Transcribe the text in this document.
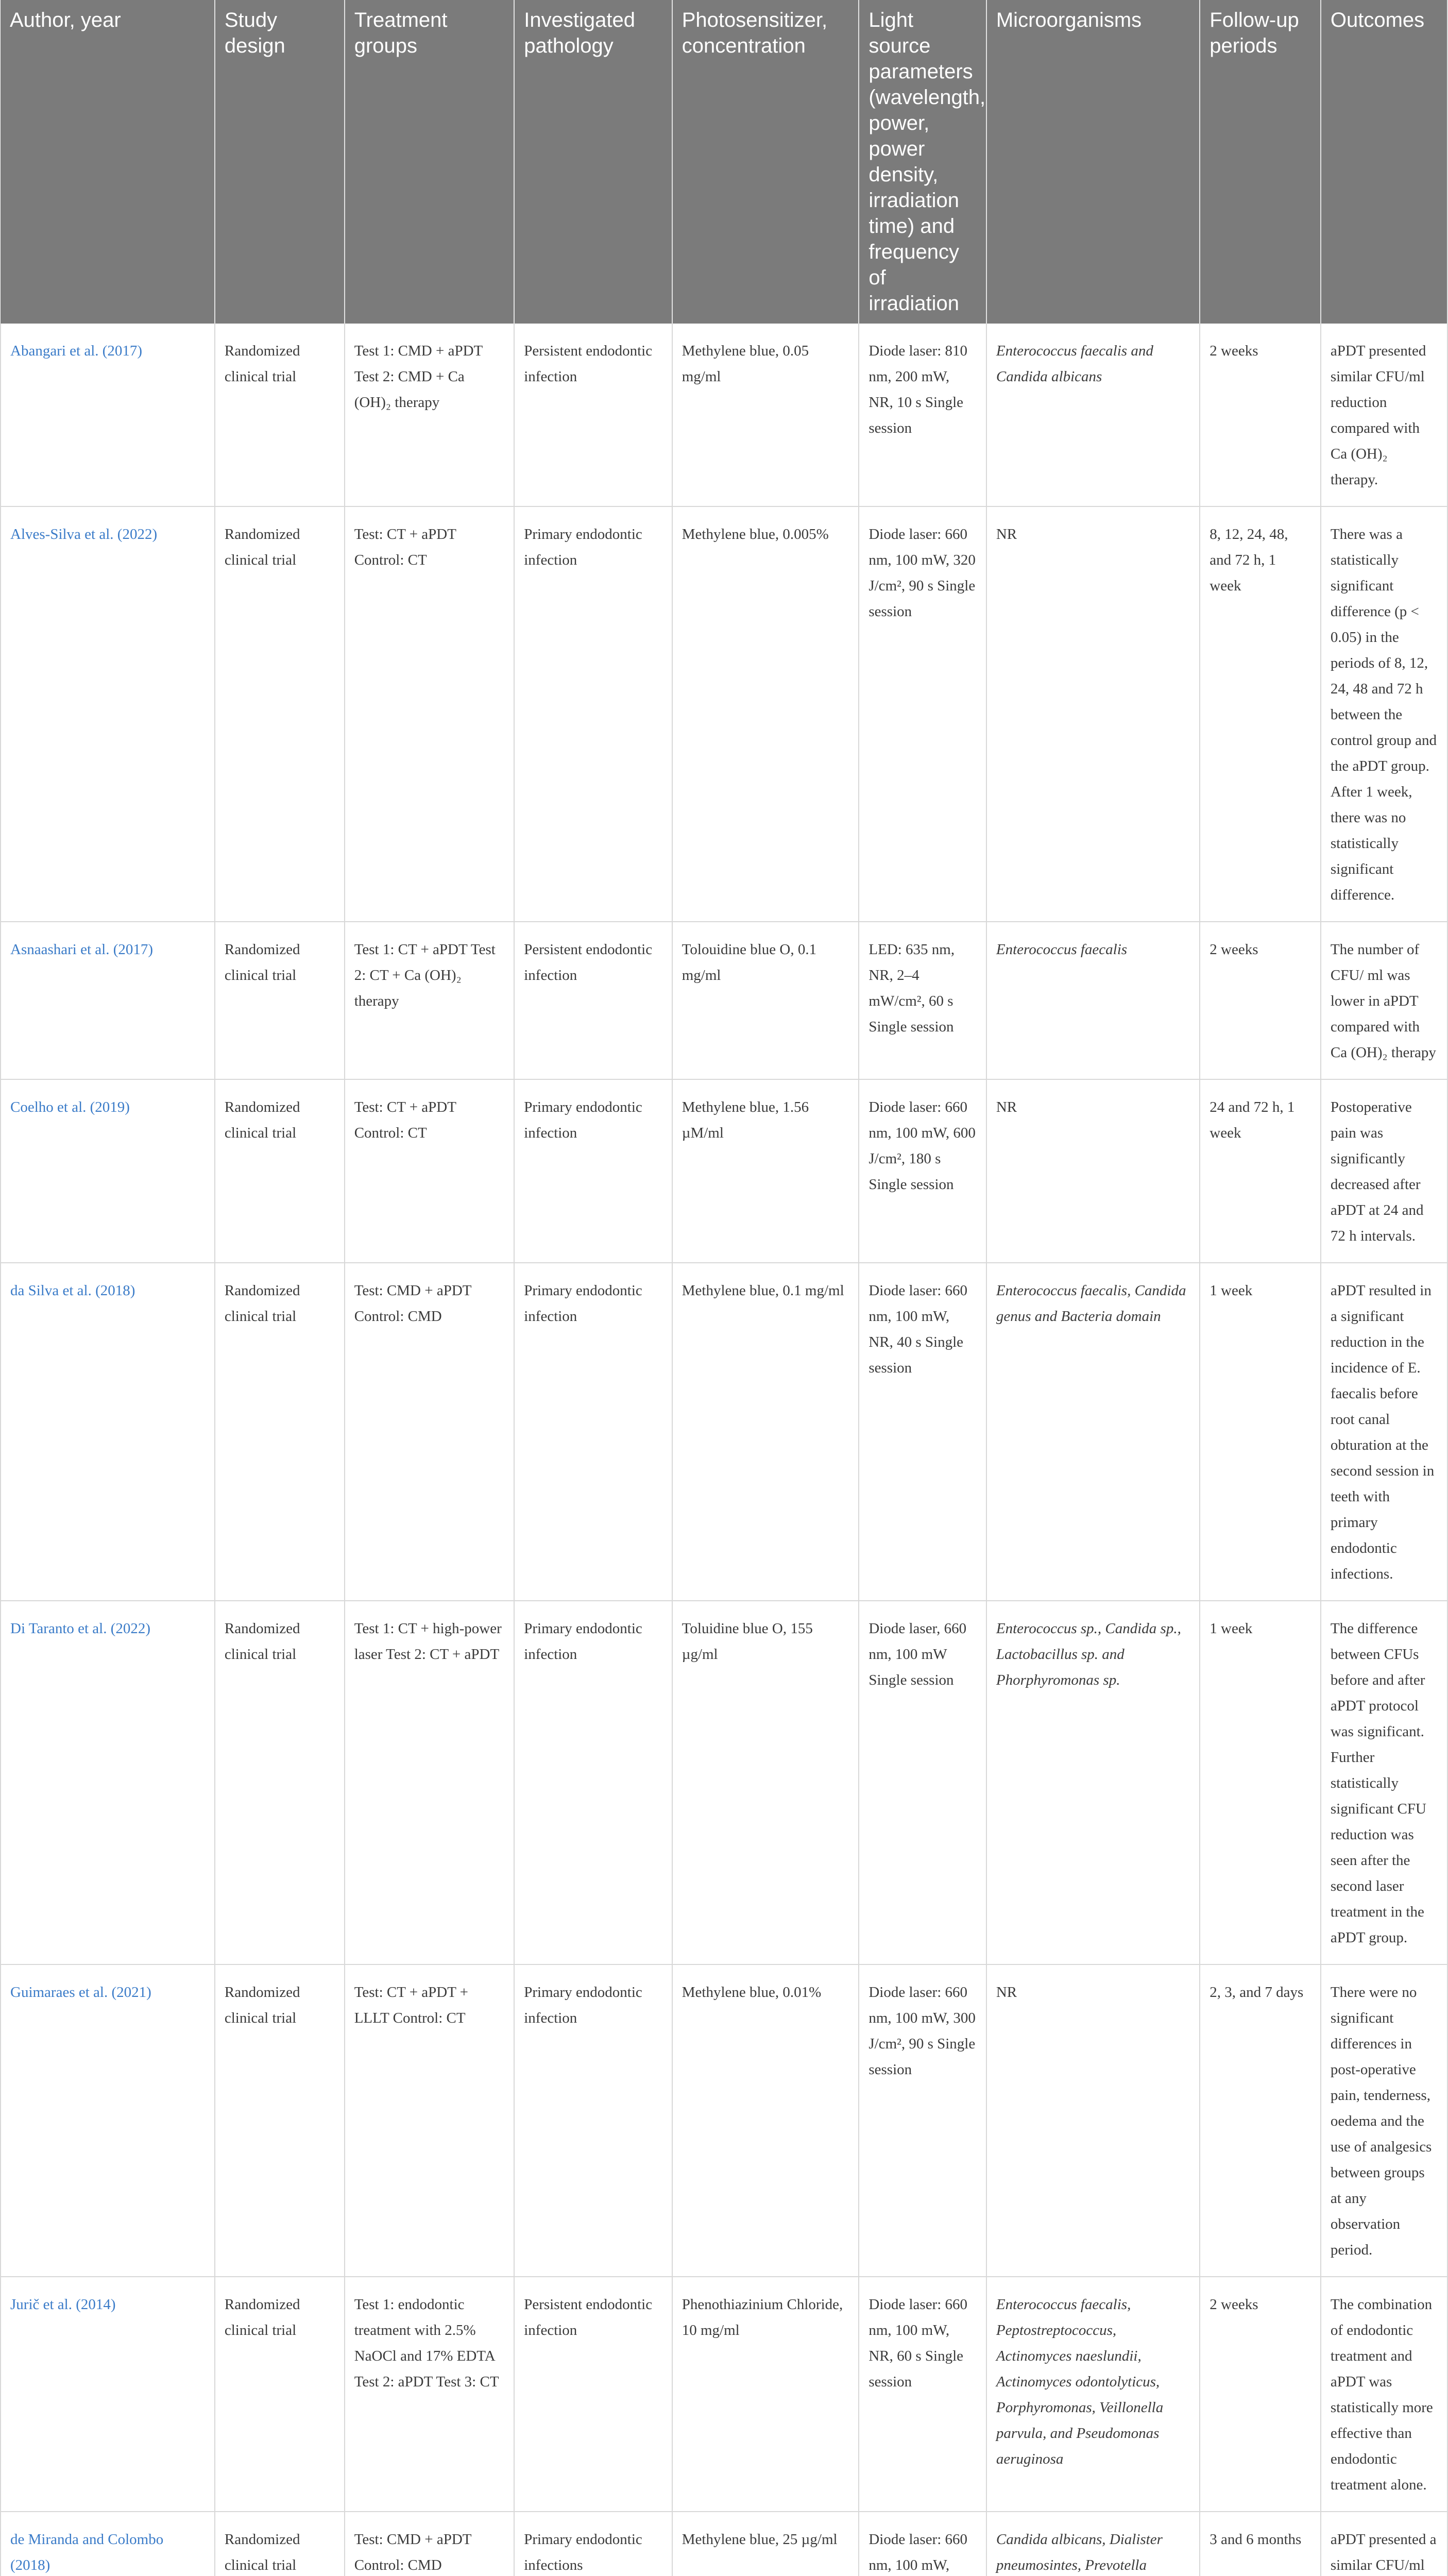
Author, year	Study design	Treatment groups	Investigated pathology	Photosensitizer, concentration	Light source parameters (wavelength, power, power density, irradiation time) and frequency of irradiation	Microorganisms	Follow-up periods	Outcomes
Abangari et al. (2017)	Randomized clinical trial	Test 1: CMD + aPDT Test 2: CMD + Ca (OH)₂ therapy	Persistent endodontic infection	Methylene blue, 0.05 mg/ml	Diode laser: 810 nm, 200 mW, NR, 10 s Single session	Enterococcus faecalis and Candida albicans	2 weeks	aPDT presented similar CFU/ml reduction compared with Ca (OH)₂ therapy.
Alves-Silva et al. (2022)	Randomized clinical trial	Test: CT + aPDT Control: CT	Primary endodontic infection	Methylene blue, 0.005%	Diode laser: 660 nm, 100 mW, 320 J/cm², 90 s Single session	NR	8, 12, 24, 48, and 72 h, 1 week	There was a statistically significant difference (p < 0.05) in the periods of 8, 12, 24, 48 and 72 h between the control group and the aPDT group. After 1 week, there was no statistically significant difference.
Asnaashari et al. (2017)	Randomized clinical trial	Test 1: CT + aPDT Test 2: CT + Ca (OH)₂ therapy	Persistent endodontic infection	Tolouidine blue O, 0.1 mg/ml	LED: 635 nm, NR, 2–4 mW/cm², 60 s Single session	Enterococcus faecalis	2 weeks	The number of CFU/ ml was lower in aPDT compared with Ca (OH)₂ therapy
Coelho et al. (2019)	Randomized clinical trial	Test: CT + aPDT Control: CT	Primary endodontic infection	Methylene blue, 1.56 µM/ml	Diode laser: 660 nm, 100 mW, 600 J/cm², 180 s Single session	NR	24 and 72 h, 1 week	Postoperative pain was significantly decreased after aPDT at 24 and 72 h intervals.
da Silva et al. (2018)	Randomized clinical trial	Test: CMD + aPDT Control: CMD	Primary endodontic infection	Methylene blue, 0.1 mg/ml	Diode laser: 660 nm, 100 mW, NR, 40 s Single session	Enterococcus faecalis, Candida genus and Bacteria domain	1 week	aPDT resulted in a significant reduction in the incidence of E. faecalis before root canal obturation at the second session in teeth with primary endodontic infections.
Di Taranto et al. (2022)	Randomized clinical trial	Test 1: CT + high-power laser Test 2: CT + aPDT	Primary endodontic infection	Toluidine blue O, 155 µg/ml	Diode laser, 660 nm, 100 mW Single session	Enterococcus sp., Candida sp., Lactobacillus sp. and Phorphyromonas sp.	1 week	The difference between CFUs before and after aPDT protocol was significant. Further statistically significant CFU reduction was seen after the second laser treatment in the aPDT group.
Guimaraes et al. (2021)	Randomized clinical trial	Test: CT + aPDT + LLLT Control: CT	Primary endodontic infection	Methylene blue, 0.01%	Diode laser: 660 nm, 100 mW, 300 J/cm², 90 s Single session	NR	2, 3, and 7 days	There were no significant differences in post-operative pain, tenderness, oedema and the use of analgesics between groups at any observation period.
Jurič et al. (2014)	Randomized clinical trial	Test 1: endodontic treatment with 2.5% NaOCl and 17% EDTA Test 2: aPDT Test 3: CT	Persistent endodontic infection	Phenothiazinium Chloride, 10 mg/ml	Diode laser: 660 nm, 100 mW, NR, 60 s Single session	Enterococcus faecalis, Peptostreptococcus, Actinomyces naeslundii, Actinomyces odontolyticus, Porphyromonas, Veillonella parvula, and Pseudomonas aeruginosa	2 weeks	The combination of endodontic treatment and aPDT was statistically more effective than endodontic treatment alone.
de Miranda and Colombo (2018)	Randomized clinical trial	Test: CMD + aPDT Control: CMD	Primary endodontic infections	Methylene blue, 25 µg/ml	Diode laser: 660 nm, 100 mW,	Candida albicans, Dialister pneumosintes, Prevotella	3 and 6 months	aPDT presented a similar CFU/ml
